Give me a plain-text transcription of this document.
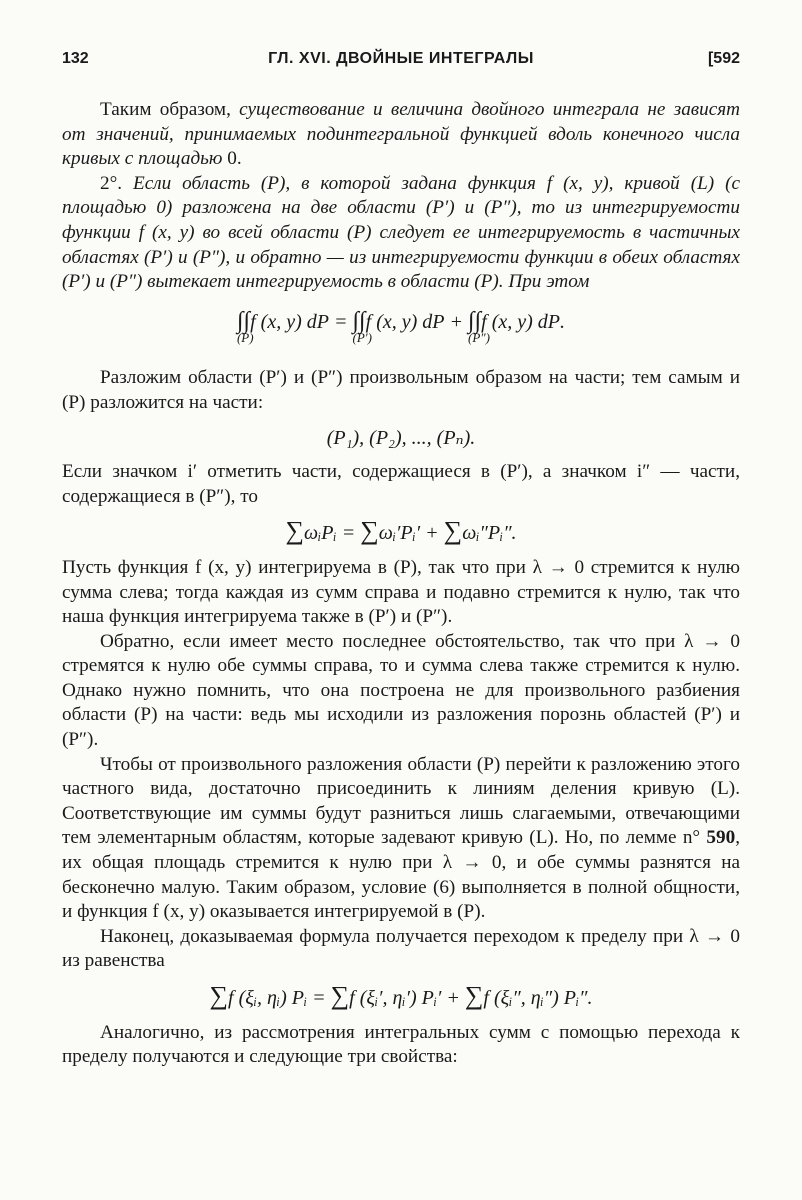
132	ГЛ. XVI. ДВОЙНЫЕ ИНТЕГРАЛЫ	[592

Таким образом, существование и величина двойного интеграла не зависят от значений, принимаемых подинтегральной функцией вдоль конечного числа кривых с площадью 0.

2°. Если область (P), в которой задана функция f (x, y), кривой (L) (с площадью 0) разложена на две области (P′) и (P″), то из интегрируемости функции f (x, y) во всей области (P) следует ее интегрируемость в частичных областях (P′) и (P″), и обратно — из интегрируемости функции в обеих областях (P′) и (P″) вытекает интегрируемость в области (P). При этом

∫∫f (x, y) dP
(P)
= ∫∫f (x, y) dP
(P′)
+ ∫∫f (x, y) dP
(P″)
.

Разложим области (P′) и (P″) произвольным образом на части; тем самым и (P) разложится на части:

(P₁), (P₂), ..., (Pₙ).

Если значком i′ отметить части, содержащиеся в (P′), а значком i″ — части, содержащиеся в (P″), то

∑ωᵢPᵢ = ∑ωᵢ′Pᵢ′ + ∑ωᵢ″Pᵢ″.

Пусть функция f (x, y) интегрируема в (P), так что при λ → 0 стремится к нулю сумма слева; тогда каждая из сумм справа и подавно стремится к нулю, так что наша функция интегрируема также в (P′) и (P″).

Обратно, если имеет место последнее обстоятельство, так что при λ → 0 стремятся к нулю обе суммы справа, то и сумма слева также стремится к нулю. Однако нужно помнить, что она построена не для произвольного разбиения области (P) на части: ведь мы исходили из разложения порознь областей (P′) и (P″).

Чтобы от произвольного разложения области (P) перейти к разложению этого частного вида, достаточно присоединить к линиям деления кривую (L). Соответствующие им суммы будут разниться лишь слагаемыми, отвечающими тем элементарным областям, которые задевают кривую (L). Но, по лемме n° 590, их общая площадь стремится к нулю при λ → 0, и обе суммы разнятся на бесконечно малую. Таким образом, условие (6) выполняется в полной общности, и функция f (x, y) оказывается интегрируемой в (P).

Наконец, доказываемая формула получается переходом к пределу при λ → 0 из равенства

∑f (ξᵢ, ηᵢ) Pᵢ = ∑f (ξᵢ′, ηᵢ′) Pᵢ′ + ∑f (ξᵢ″, ηᵢ″) Pᵢ″.

Аналогично, из рассмотрения интегральных сумм с помощью перехода к пределу получаются и следующие три свойства:
